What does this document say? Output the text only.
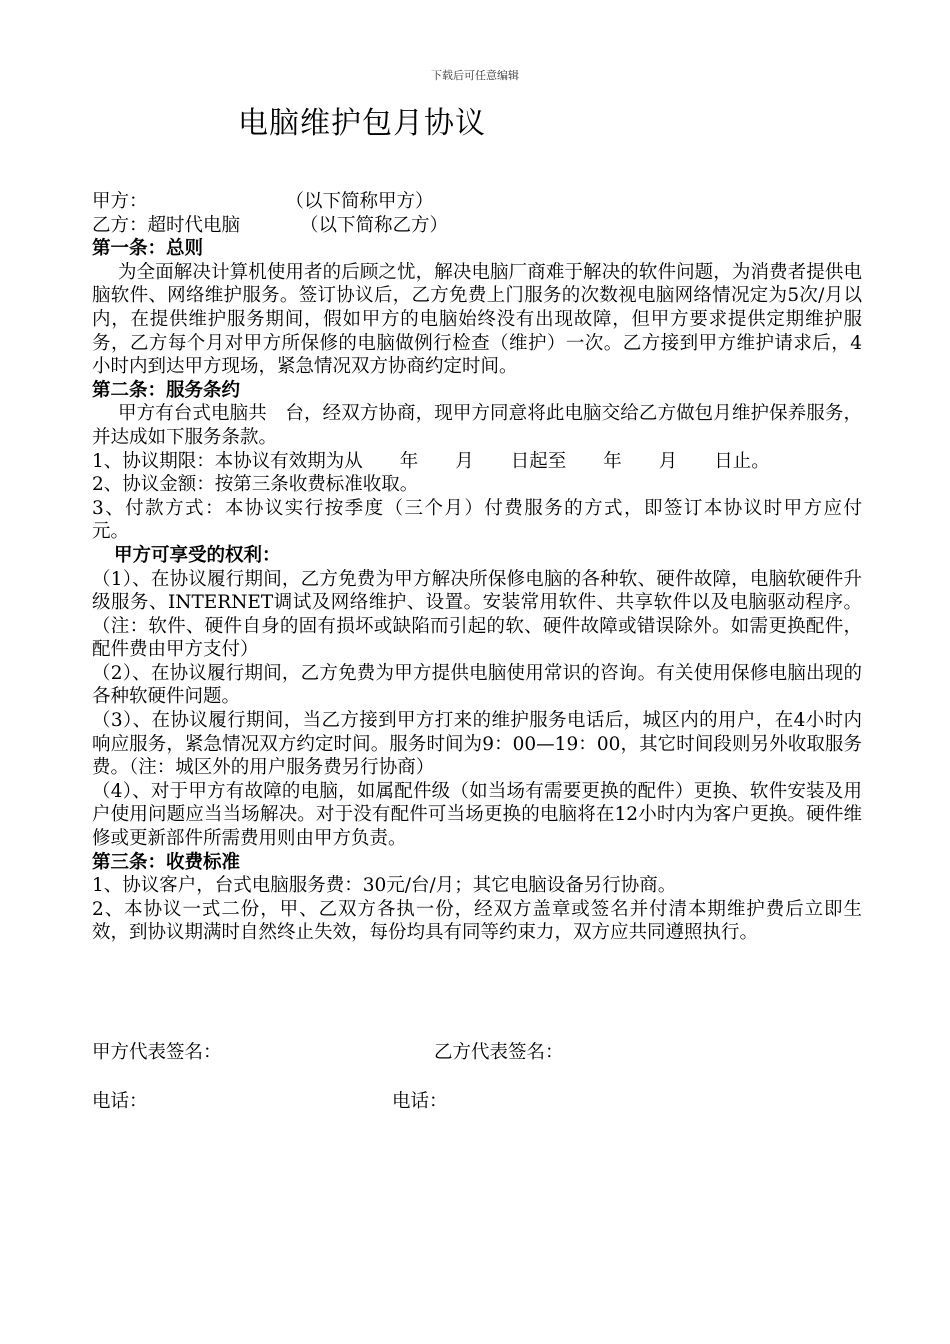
下载后可任意编辑
电脑维护包月协议
甲方：	（以下简称甲方）
乙方：超时代电脑	（以下简称乙方）
第一条：总则
为全面解决计算机使用者的后顾之忧，解决电脑厂商难于解决的软件问题，为消费者提供电脑软件、网络维护服务。签订协议后，乙方免费上门服务的次数视电脑网络情况定为5次/月以内，在提供维护服务期间，假如甲方的电脑始终没有出现故障，但甲方要求提供定期维护服务，乙方每个月对甲方所保修的电脑做例行检查（维护）一次。乙方接到甲方维护请求后，4小时内到达甲方现场，紧急情况双方协商约定时间。
第二条：服务条约
甲方有台式电脑共　台，经双方协商，现甲方同意将此电脑交给乙方做包月维护保养服务，并达成如下服务条款。
1、协议期限：本协议有效期为从　　年　　月　　日起至　　年　　月　　日止。
2、协议金额：按第三条收费标准收取。
3、付款方式：本协议实行按季度（三个月）付费服务的方式，即签订本协议时甲方应付　 元。
甲方可享受的权利：
（1）、在协议履行期间，乙方免费为甲方解决所保修电脑的各种软、硬件故障，电脑软硬件升级服务、INTERNET调试及网络维护、设置。安装常用软件、共享软件以及电脑驱动程序。（注：软件、硬件自身的固有损坏或缺陷而引起的软、硬件故障或错误除外。如需更换配件，配件费由甲方支付）
（2）、在协议履行期间，乙方免费为甲方提供电脑使用常识的咨询。有关使用保修电脑出现的各种软硬件问题。
（3）、在协议履行期间，当乙方接到甲方打来的维护服务电话后，城区内的用户，在4小时内响应服务，紧急情况双方约定时间。服务时间为9：00—19：00，其它时间段则另外收取服务费。（注：城区外的用户服务费另行协商）
（4）、对于甲方有故障的电脑，如属配件级（如当场有需要更换的配件）更换、软件安装及用户使用问题应当当场解决。对于没有配件可当场更换的电脑将在12小时内为客户更换。硬件维修或更新部件所需费用则由甲方负责。
第三条：收费标准
1、协议客户，台式电脑服务费：30元/台/月；其它电脑设备另行协商。
2、本协议一式二份，甲、乙双方各执一份，经双方盖章或签名并付清本期维护费后立即生效，到协议期满时自然终止失效，每份均具有同等约束力，双方应共同遵照执行。
甲方代表签名：	乙方代表签名：
电话：	电话：
